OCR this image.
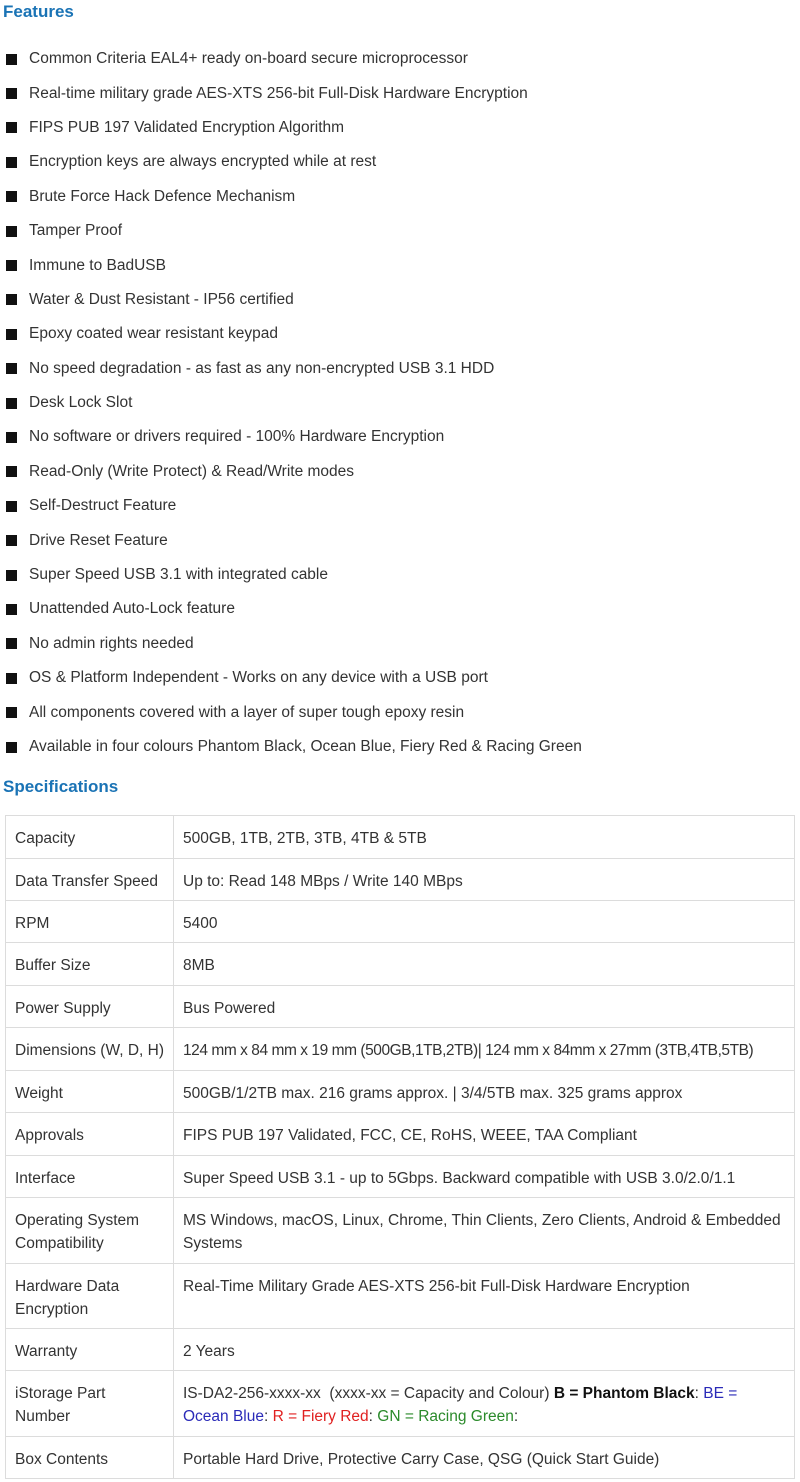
Features
Common Criteria EAL4+ ready on-board secure microprocessor
Real-time military grade AES-XTS 256-bit Full-Disk Hardware Encryption
FIPS PUB 197 Validated Encryption Algorithm
Encryption keys are always encrypted while at rest
Brute Force Hack Defence Mechanism
Tamper Proof
Immune to BadUSB
Water & Dust Resistant - IP56 certified
Epoxy coated wear resistant keypad
No speed degradation - as fast as any non-encrypted USB 3.1 HDD
Desk Lock Slot
No software or drivers required - 100% Hardware Encryption
Read-Only (Write Protect) & Read/Write modes
Self-Destruct Feature
Drive Reset Feature
Super Speed USB 3.1 with integrated cable
Unattended Auto-Lock feature
No admin rights needed
OS & Platform Independent - Works on any device with a USB port
All components covered with a layer of super tough epoxy resin
Available in four colours Phantom Black, Ocean Blue, Fiery Red & Racing Green
Specifications
Capacity	500GB, 1TB, 2TB, 3TB, 4TB & 5TB

Data Transfer Speed	Up to: Read 148 MBps / Write 140 MBps

RPM	5400

Buffer Size	8MB

Power Supply	Bus Powered

Dimensions (W, D, H)	124 mm x 84 mm x 19 mm (500GB,1TB,2TB)| 124 mm x 84mm x 27mm (3TB,4TB,5TB)

Weight	500GB/1/2TB max. 216 grams approx. | 3/4/5TB max. 325 grams approx

Approvals	FIPS PUB 197 Validated, FCC, CE, RoHS, WEEE, TAA Compliant

Interface	Super Speed USB 3.1 - up to 5Gbps. Backward compatible with USB 3.0/2.0/1.1

Operating System Compatibility	MS Windows, macOS, Linux, Chrome, Thin Clients, Zero Clients, Android & Embedded Systems

Hardware Data Encryption	Real-Time Military Grade AES-XTS 256-bit Full-Disk Hardware Encryption

Warranty	2 Years

iStorage Part Number	IS-DA2-256-xxxx-xx  (xxxx-xx = Capacity and Colour) B = Phantom Black: BE = Ocean Blue: R = Fiery Red: GN = Racing Green:

Box Contents	Portable Hard Drive, Protective Carry Case, QSG (Quick Start Guide)
